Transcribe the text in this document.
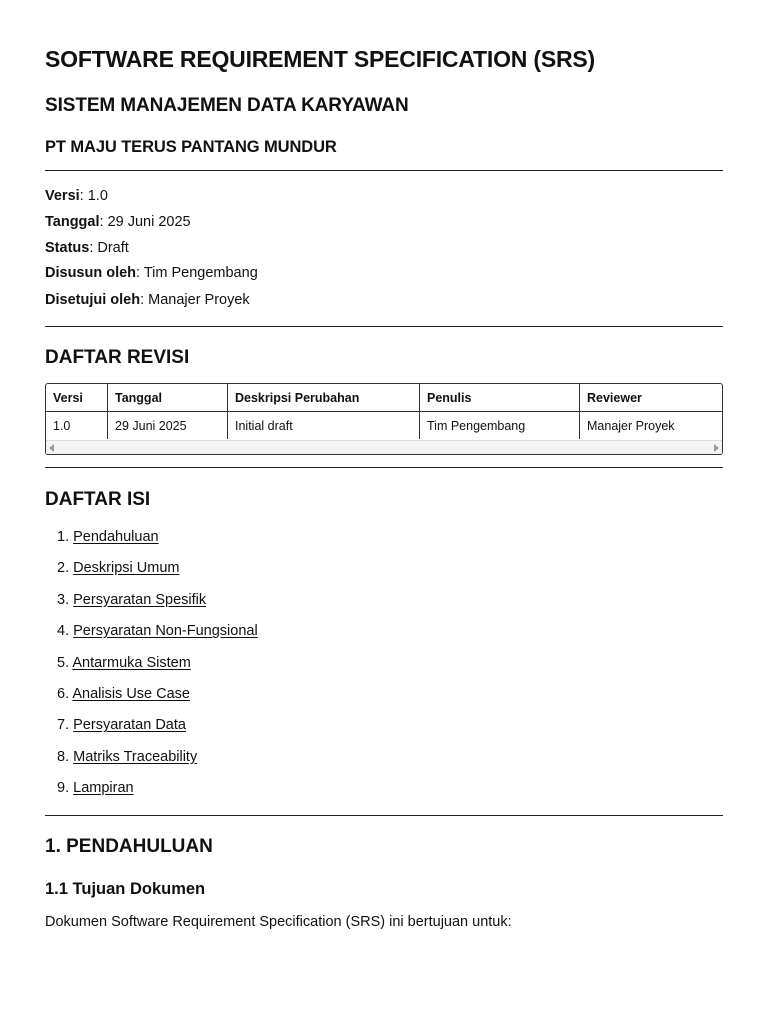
SOFTWARE REQUIREMENT SPECIFICATION (SRS)
SISTEM MANAJEMEN DATA KARYAWAN
PT MAJU TERUS PANTANG MUNDUR
Versi: 1.0
Tanggal: 29 Juni 2025
Status: Draft
Disusun oleh: Tim Pengembang
Disetujui oleh: Manajer Proyek
DAFTAR REVISI
Versi	Tanggal	Deskripsi Perubahan	Penulis	Reviewer
1.0	29 Juni 2025	Initial draft	Tim Pengembang	Manajer Proyek
DAFTAR ISI
1. Pendahuluan
2. Deskripsi Umum
3. Persyaratan Spesifik
4. Persyaratan Non-Fungsional
5. Antarmuka Sistem
6. Analisis Use Case
7. Persyaratan Data
8. Matriks Traceability
9. Lampiran
1. PENDAHULUAN
1.1 Tujuan Dokumen

Dokumen Software Requirement Specification (SRS) ini bertujuan untuk:
